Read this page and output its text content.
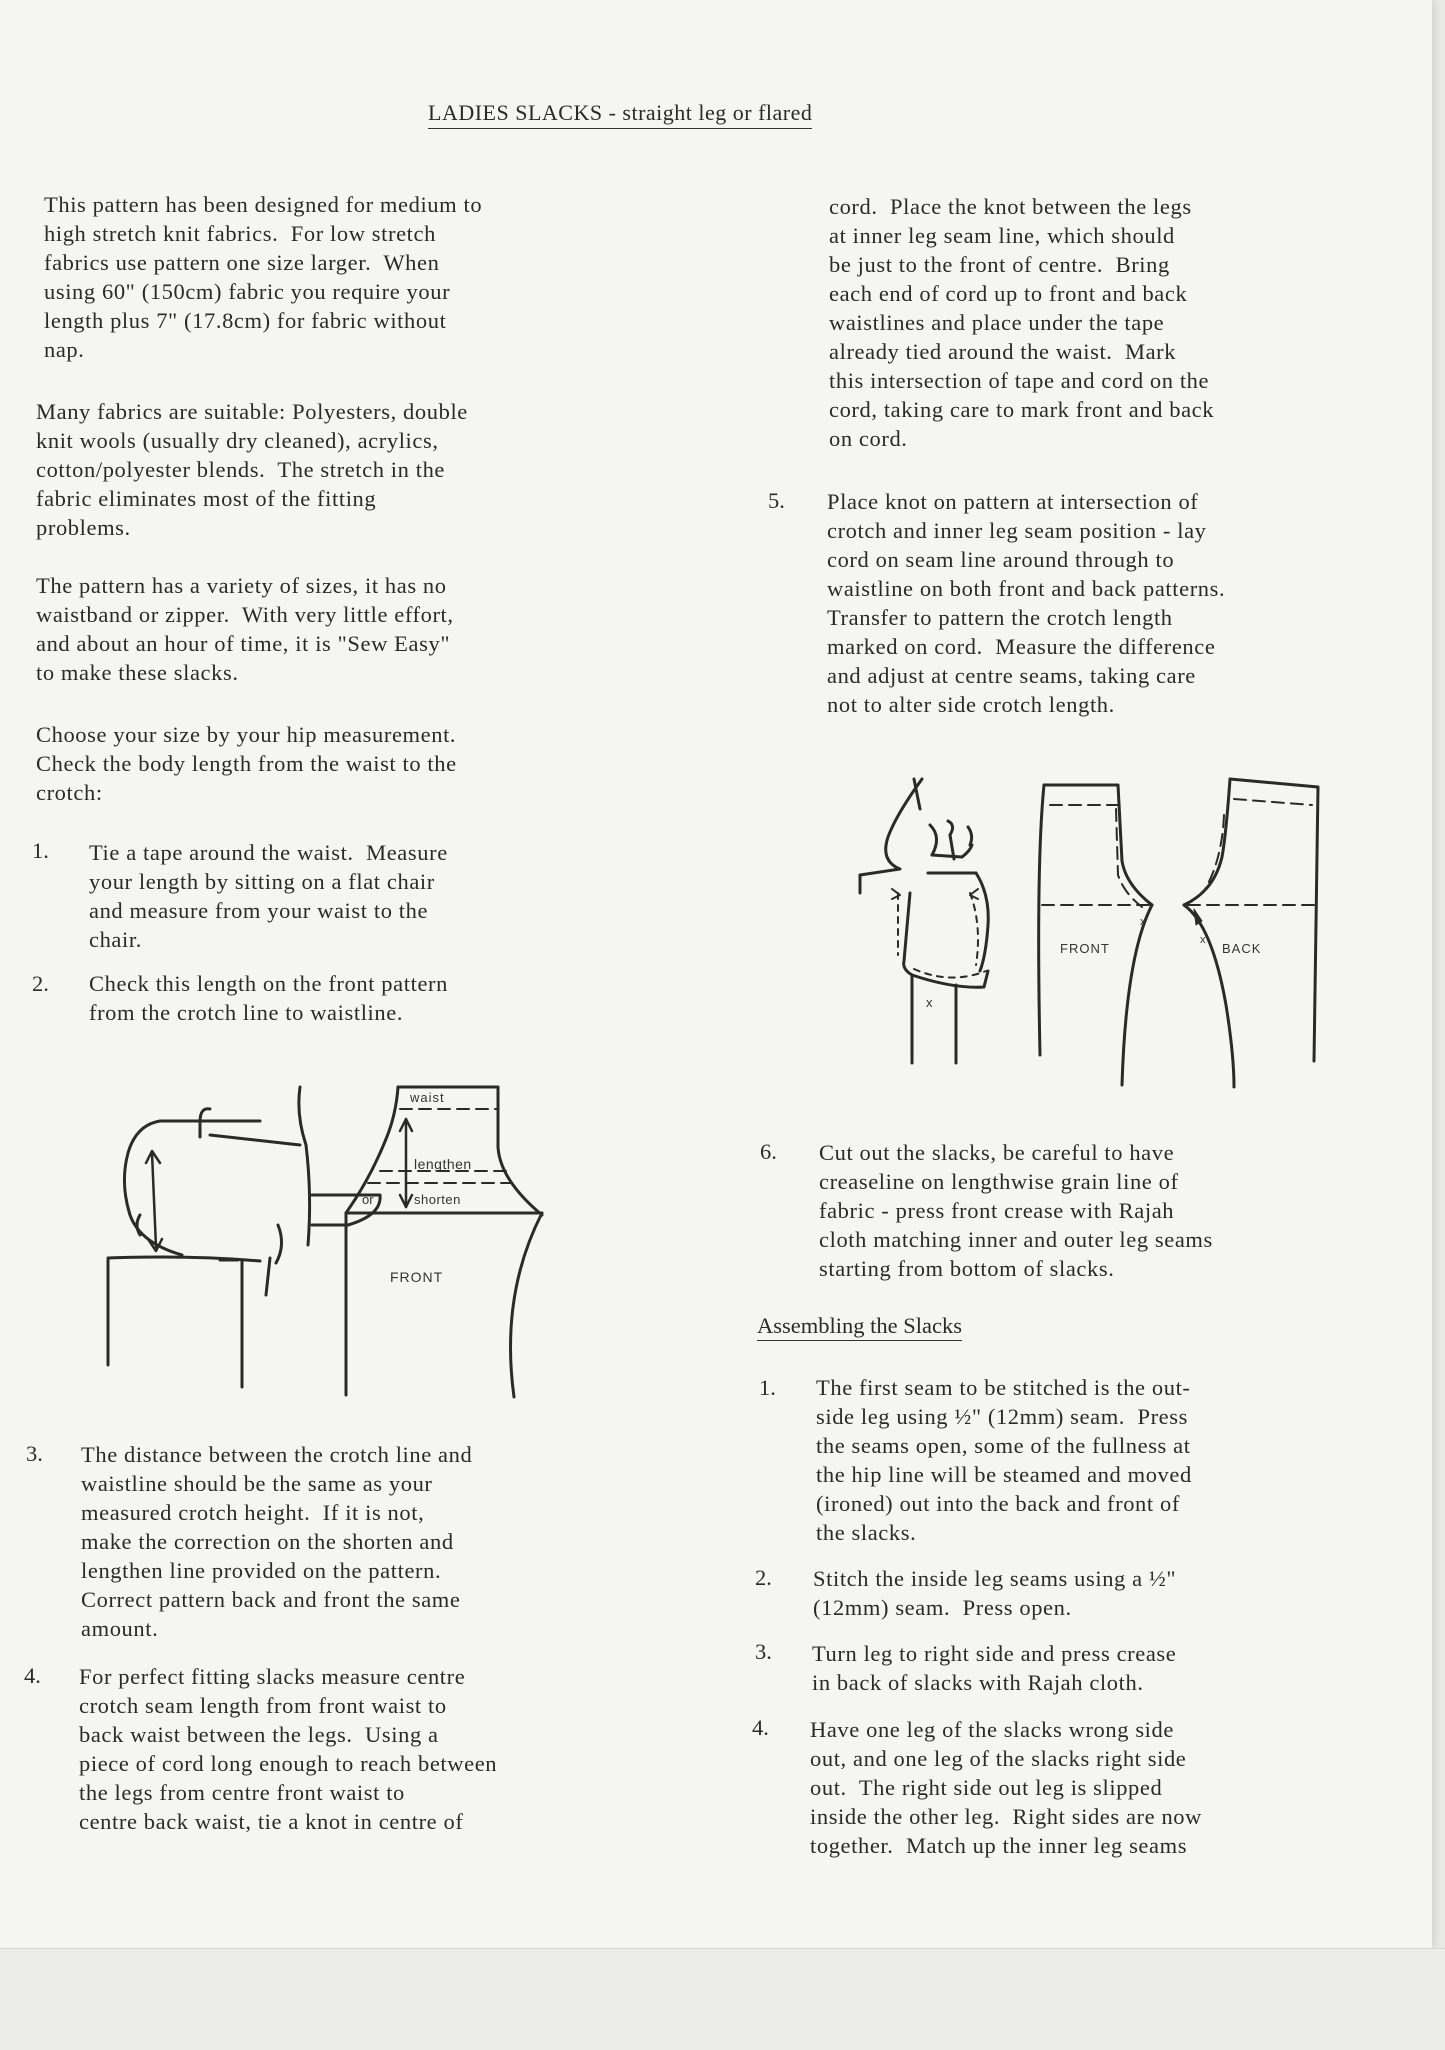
LADIES SLACKS - straight leg or flared
This pattern has been designed for medium to
high stretch knit fabrics.  For low stretch
fabrics use pattern one size larger.  When
using 60" (150cm) fabric you require your
length plus 7" (17.8cm) for fabric without
nap.
Many fabrics are suitable: Polyesters, double
knit wools (usually dry cleaned), acrylics,
cotton/polyester blends.  The stretch in the
fabric eliminates most of the fitting
problems.
The pattern has a variety of sizes, it has no
waistband or zipper.  With very little effort,
and about an hour of time, it is "Sew Easy"
to make these slacks.
Choose your size by your hip measurement.
Check the body length from the waist to the
crotch:
1. Tie a tape around the waist.  Measure
your length by sitting on a flat chair
and measure from your waist to the
chair.
2. Check this length on the front pattern
from the crotch line to waistline.
3. The distance between the crotch line and
waistline should be the same as your
measured crotch height.  If it is not,
make the correction on the shorten and
lengthen line provided on the pattern.
Correct pattern back and front the same
amount.
4. For perfect fitting slacks measure centre
crotch seam length from front waist to
back waist between the legs.  Using a
piece of cord long enough to reach between
the legs from centre front waist to
centre back waist, tie a knot in centre of
cord.  Place the knot between the legs
at inner leg seam line, which should
be just to the front of centre.  Bring
each end of cord up to front and back
waistlines and place under the tape
already tied around the waist.  Mark
this intersection of tape and cord on the
cord, taking care to mark front and back
on cord.
5. Place knot on pattern at intersection of
crotch and inner leg seam position - lay
cord on seam line around through to
waistline on both front and back patterns.
Transfer to pattern the crotch length
marked on cord.  Measure the difference
and adjust at centre seams, taking care
not to alter side crotch length.
6. Cut out the slacks, be careful to have
creaseline on lengthwise grain line of
fabric - press front crease with Rajah
cloth matching inner and outer leg seams
starting from bottom of slacks.
Assembling the Slacks
1. The first seam to be stitched is the out-
side leg using ½" (12mm) seam.  Press
the seams open, some of the fullness at
the hip line will be steamed and moved
(ironed) out into the back and front of
the slacks.
2. Stitch the inside leg seams using a ½"
(12mm) seam.  Press open.
3. Turn leg to right side and press crease
in back of slacks with Rajah cloth.
4. Have one leg of the slacks wrong side
out, and one leg of the slacks right side
out.  The right side out leg is slipped
inside the other leg.  Right sides are now
together.  Match up the inner leg seams
waist
lengthen
or	shorten
FRONT
x
FRONT
x
x
BACK
